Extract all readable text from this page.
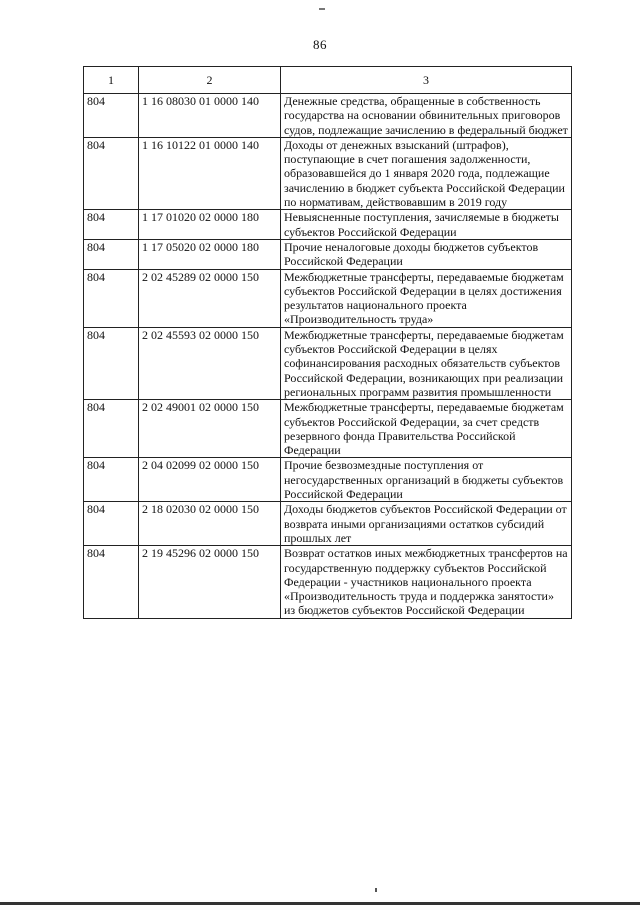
86
1	2	3
804	1 16 08030 01 0000 140	Денежные средства, обращенные в собственность государства на основании обвинительных приговоров судов, подлежащие зачислению в федеральный бюджет
804	1 16 10122 01 0000 140	Доходы от денежных взысканий (штрафов), поступающие в счет погашения задолженности, образовавшейся до 1 января 2020 года, подлежащие зачислению в бюджет субъекта Российской Федерации по нормативам, действовавшим в 2019 году
804	1 17 01020 02 0000 180	Невыясненные поступления, зачисляемые в бюджеты субъектов Российской Федерации
804	1 17 05020 02 0000 180	Прочие неналоговые доходы бюджетов субъектов Российской Федерации
804	2 02 45289 02 0000 150	Межбюджетные трансферты, передаваемые бюджетам субъектов Российской Федерации в целях достижения результатов национального проекта «Производительность труда»
804	2 02 45593 02 0000 150	Межбюджетные трансферты, передаваемые бюджетам субъектов Российской Федерации в целях софинансирования расходных обязательств субъектов Российской Федерации, возникающих при реализации региональных программ развития промышленности
804	2 02 49001 02 0000 150	Межбюджетные трансферты, передаваемые бюджетам субъектов Российской Федерации, за счет средств резервного фонда Правительства Российской Федерации
804	2 04 02099 02 0000 150	Прочие безвозмездные поступления от негосударственных организаций в бюджеты субъектов Российской Федерации
804	2 18 02030 02 0000 150	Доходы бюджетов субъектов Российской Федерации от возврата иными организациями остатков субсидий прошлых лет
804	2 19 45296 02 0000 150	Возврат остатков иных межбюджетных трансфертов на государственную поддержку субъектов Российской Федерации - участников национального проекта «Производительность труда и поддержка занятости» из бюджетов субъектов Российской Федерации
